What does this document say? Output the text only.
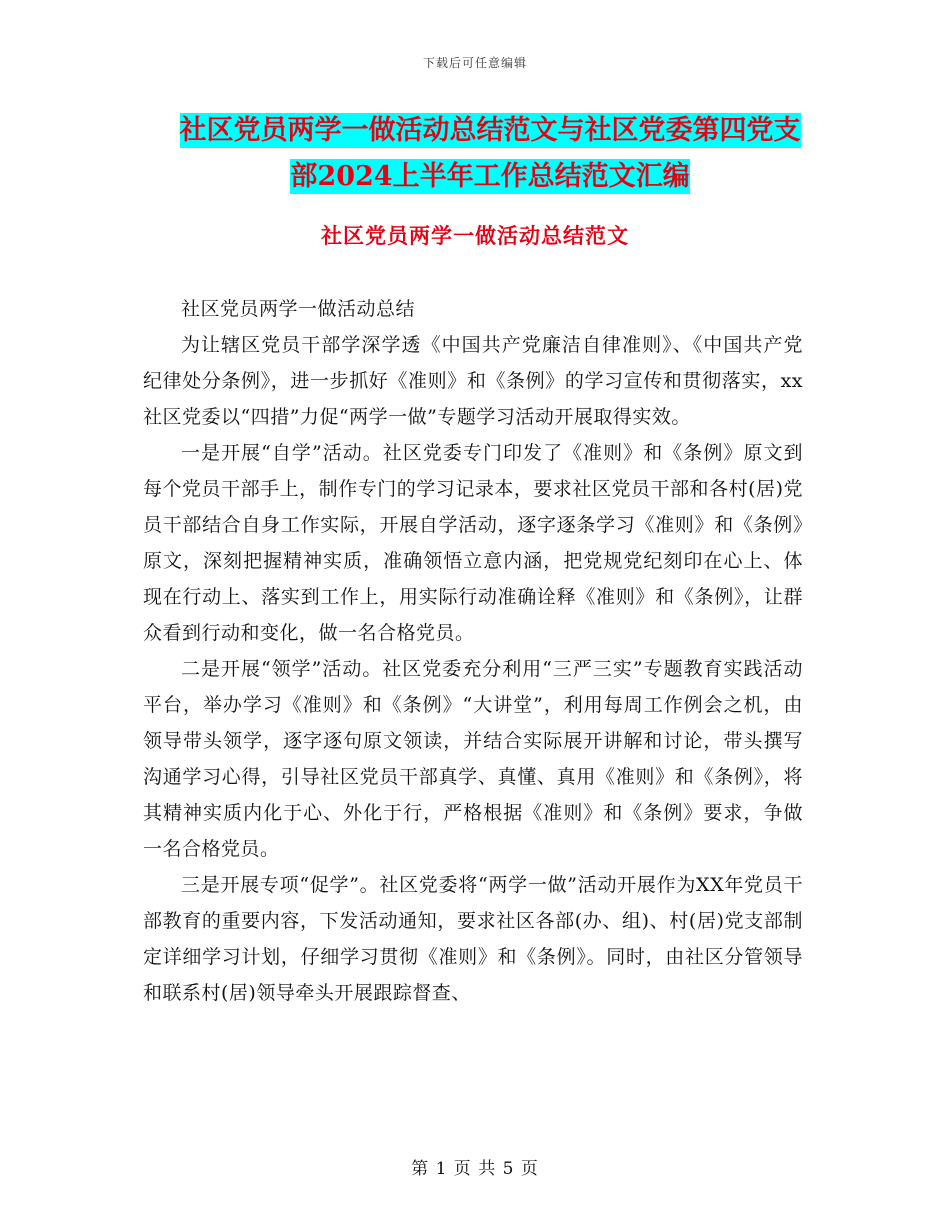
下载后可任意编辑
社区党员两学一做活动总结范文与社区党委第四党支
部2024上半年工作总结范文汇编
社区党员两学一做活动总结范文

社区党员两学一做活动总结

为让辖区党员干部学深学透《中国共产党廉洁自律准则》、《中国共产党纪律处分条例》，进一步抓好《准则》和《条例》的学习宣传和贯彻落实，xx社区党委以“四措”力促“两学一做”专题学习活动开展取得实效。

一是开展“自学”活动。社区党委专门印发了《准则》和《条例》原文到每个党员干部手上，制作专门的学习记录本，要求社区党员干部和各村(居)党员干部结合自身工作实际，开展自学活动，逐字逐条学习《准则》和《条例》原文，深刻把握精神实质，准确领悟立意内涵，把党规党纪刻印在心上、体现在行动上、落实到工作上，用实际行动准确诠释《准则》和《条例》，让群众看到行动和变化，做一名合格党员。

二是开展“领学”活动。社区党委充分利用“三严三实”专题教育实践活动平台，举办学习《准则》和《条例》“大讲堂”，利用每周工作例会之机，由领导带头领学，逐字逐句原文领读，并结合实际展开讲解和讨论，带头撰写沟通学习心得，引导社区党员干部真学、真懂、真用《准则》和《条例》，将其精神实质内化于心、外化于行，严格根据《准则》和《条例》要求，争做一名合格党员。

三是开展专项“促学”。社区党委将“两学一做”活动开展作为XX年党员干部教育的重要内容，下发活动通知，要求社区各部(办、组)、村(居)党支部制定详细学习计划，仔细学习贯彻《准则》和《条例》。同时，由社区分管领导和联系村(居)领导牵头开展跟踪督查、

第 1 页 共 5 页
